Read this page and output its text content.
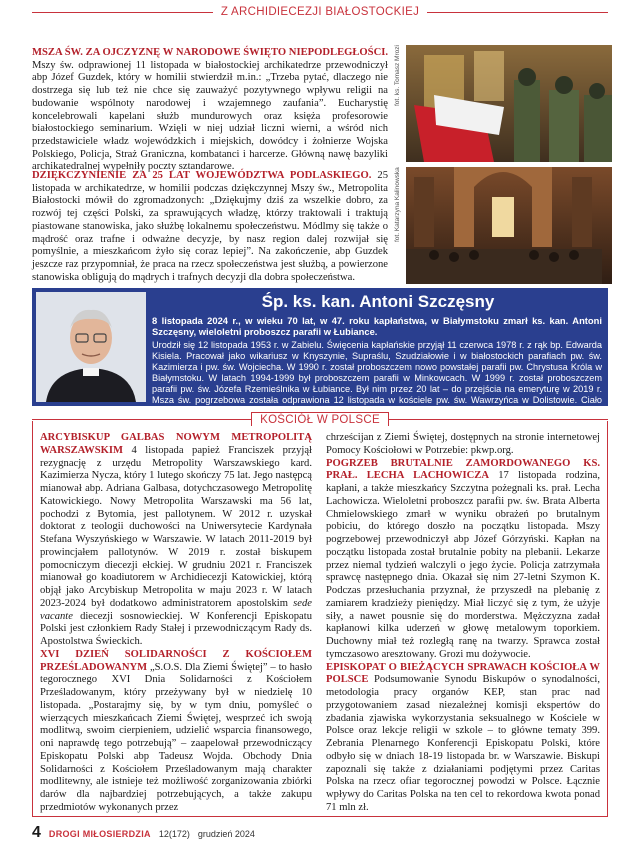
Z ARCHIDIECEZJI BIAŁOSTOCKIEJ
MSZA ŚW. ZA OJCZYZNĘ W NARODOWE ŚWIĘTO NIEPODLEGŁOŚCI. Mszy św. odprawionej 11 listopada w białostockiej archikatedrze przewodniczył abp Józef Guzdek, który w homilii stwierdził m.in.: „Trzeba pytać, dlaczego nie dostrzega się lub też nie chce się zauważyć pozytywnego wpływu religii na budowanie wspólnoty narodowej i wzajemnego zaufania”. Eucharystię koncelebrowali kapelani służb mundurowych oraz księża profesorowie białostockiego seminarium. Wzięli w niej udział liczni wierni, a wśród nich przedstawiciele władz wojewódzkich i miejskich, dowódcy i żołnierze Wojska Polskiego, Policja, Straż Graniczna, kombatanci i harcerze. Główną nawę bazyliki archikatedralnej wypełniły poczty sztandarowe.
DZIĘKCZYNIENIE ZA 25 LAT WOJEWÓDZTWA PODLASKIEGO. 25 listopada w archikatedrze, w homilii podczas dziękczynnej Mszy św., Metropolita Białostocki mówił do zgromadzonych: „Dziękujmy dziś za wszelkie dobro, za rozwój tej części Polski, za sprawujących władzę, którzy traktowali i traktują piastowane stanowiska, jako służbę lokalnemu społeczeństwu. Módlmy się także o mądrość oraz trafne i odważne decyzje, by nasz region dalej rozwijał się pomyślnie, a mieszkańcom żyło się coraz lepiej”. Na zakończenie, abp Guzdek jeszcze raz przypomniał, że praca na rzecz społeczeństwa jest służbą, a powierzone stanowiska obligują do mądrych i trafnych decyzji dla dobra społeczeństwa.
fot. ks. Tomasz Mrozi
fot. Katarzyna Kalinowska
Śp. ks. kan. Antoni Szczęsny
8 listopada 2024 r., w wieku 70 lat, w 47. roku kapłaństwa, w Białymstoku zmarł ks. kan. Antoni Szczęsny, wieloletni proboszcz parafii w Łubiance.
Urodził się 12 listopada 1953 r. w Zabielu. Święcenia kapłańskie przyjął 11 czerwca 1978 r. z rąk bp. Edwarda Kisiela. Pracował jako wikariusz w Knyszynie, Supraślu, Szudziałowie i w białostockich parafiach pw. św. Kazimierza i pw. św. Wojciecha. W 1990 r. został proboszczem nowo powstałej parafii pw. Chrystusa Króla w Białymstoku. W latach 1994-1999 był proboszczem parafii w Minkowcach. W 1999 r. został proboszczem parafii pw. św. Józefa Rzemieślnika w Łubiance. Był nim przez 20 lat – do przejścia na emeryturę w 2019 r. Msza św. pogrzebowa została odprawiona 12 listopada w kościele pw. św. Wawrzyńca w Dolistowie. Ciało zmarłego Kapłana zostało pochowane na cmentarzu w Dolistowie.
KOŚCIÓŁ W POLSCE

ARCYBISKUP GALBAS NOWYM METROPOLITĄ WARSZAWSKIM 4 listopada papież Franciszek przyjął rezygnację z urzędu Metropolity Warszawskiego kard. Kazimierza Nycza, który 1 lutego skończy 75 lat. Jego następcą mianował abp. Adriana Galbasa, dotychczasowego Metropolitę Katowickiego. Nowy Metropolita Warszawski ma 56 lat, pochodzi z Bytomia, jest pallotynem. W 2012 r. uzyskał doktorat z teologii duchowości na Uniwersytecie Kardynała Stefana Wyszyńskiego w Warszawie. W latach 2011-2019 był prowincjałem pallotynów. W 2019 r. został biskupem pomocniczym diecezji ełckiej. W grudniu 2021 r. Franciszek mianował go koadiutorem w Archidiecezji Katowickiej, którą objął jako Arcybiskup Metropolita w maju 2023 r. W latach 2023-2024 był dodatkowo administratorem apostolskim sede vacante diecezji sosnowieckiej. W Konferencji Episkopatu Polski jest członkiem Rady Stałej i przewodniczącym Rady ds. Apostolstwa Świeckich.

XVI DZIEŃ SOLIDARNOŚCI Z KOŚCIOŁEM PRZEŚLADOWANYM „S.O.S. Dla Ziemi Świętej” – to hasło tegorocznego XVI Dnia Solidarności z Kościołem Prześladowanym, który przeżywany był w niedzielę 10 listopada. „Postarajmy się, by w tym dniu, pomyśleć o wierzących mieszkańcach Ziemi Świętej, wesprzeć ich swoją modlitwą, swoim cierpieniem, udzielić wsparcia finansowego, oni naprawdę tego potrzebują” – zaapelował przewodniczący Episkopatu Polski abp Tadeusz Wojda. Obchody Dnia Solidarności z Kościołem Prześladowanym mają charakter modlitewny, ale istnieje też możliwość zorganizowania zbiórki darów dla najbardziej potrzebujących, a także zakupu przedmiotów wykonanych przez

chrześcijan z Ziemi Świętej, dostępnych na stronie internetowej Pomocy Kościołowi w Potrzebie: pkwp.org.

POGRZEB BRUTALNIE ZAMORDOWANEGO KS. PRAŁ. LECHA LACHOWICZA 17 listopada rodzina, kapłani, a także mieszkańcy Szczytna pożegnali ks. prał. Lecha Lachowicza. Wieloletni proboszcz parafii pw. św. Brata Alberta Chmielowskiego zmarł w wyniku obrażeń po brutalnym pobiciu, do którego doszło na początku listopada. Mszy pogrzebowej przewodniczył abp Józef Górzyński. Kapłan na początku listopada został brutalnie pobity na plebanii. Lekarze przez niemal tydzień walczyli o jego życie. Policja zatrzymała sprawcę następnego dnia. Okazał się nim 27-letni Szymon K. Podczas przesłuchania przyznał, że przyszedł na plebanię z zamiarem kradzieży pieniędzy. Miał liczyć się z tym, że użyje siły, a nawet pousnie się do morderstwa. Mężczyzna zadał kapłanowi kilka uderzeń w głowę metalowym toporkiem. Duchowny miał też rozległą ranę na twarzy. Sprawca został tymczasowo aresztowany. Grozi mu dożywocie.

EPISKOPAT O BIEŻĄCYCH SPRAWACH KOŚCIOŁA W POLSCE Podsumowanie Synodu Biskupów o synodalności, metodologia pracy organów KEP, stan prac nad przygotowaniem zasad niezależnej komisji ekspertów do zbadania zjawiska wykorzystania seksualnego w Kościele w Polsce oraz lekcje religii w szkole – to główne tematy 399. Zebrania Plenarnego Konferencji Episkopatu Polski, które odbyło się w dniach 18-19 listopada br. w Warszawie. Biskupi zapoznali się także z działaniami podjętymi przez Caritas Polska na rzecz ofiar tegorocznej powodzi w Polsce. Łącznie wpływy do Caritas Polska na ten cel to rekordowa kwota ponad 71 mln zł.

4 DROGI MIŁOSIERDZIA 12(172) grudzień 2024
